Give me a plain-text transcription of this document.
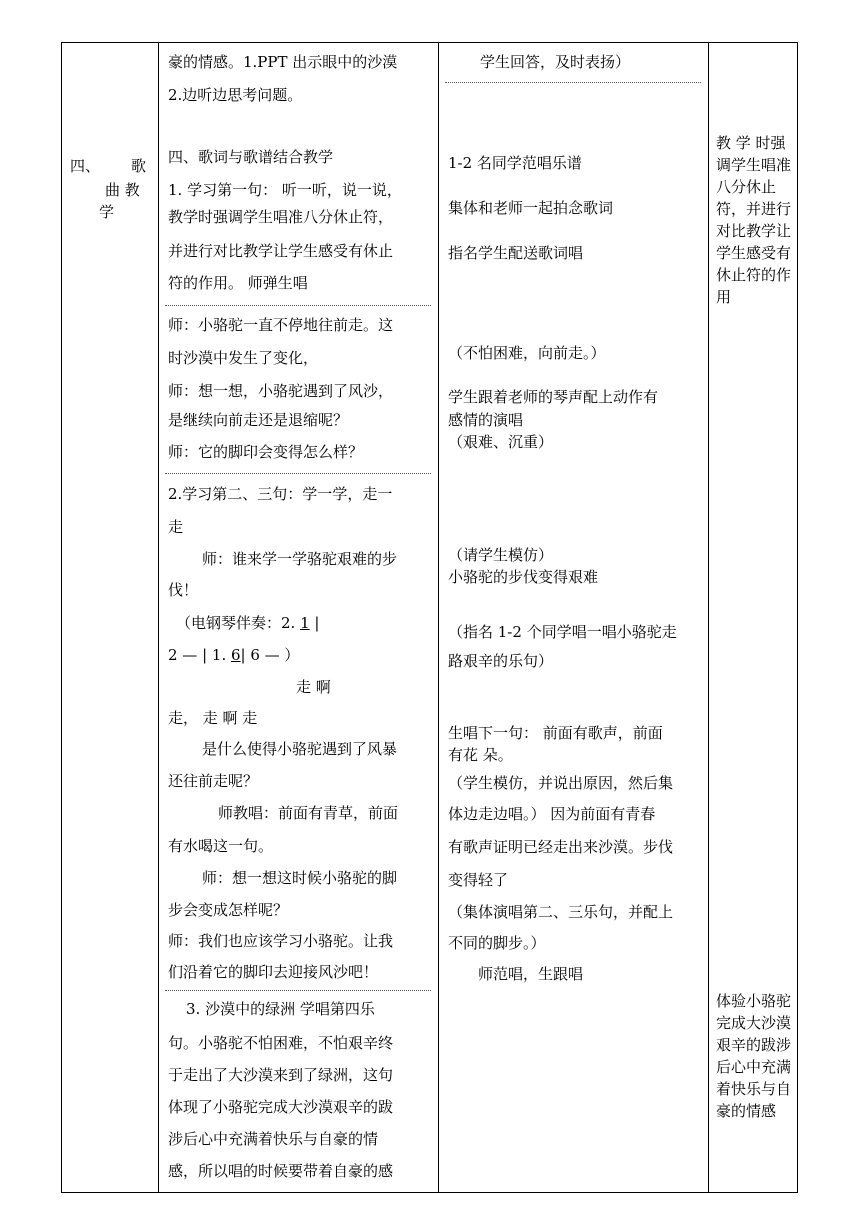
四、 歌
曲 教
学
豪的情感。1.PPT 出示眼中的沙漠
2.边听边思考问题。
四、歌词与歌谱结合教学
1. 学习第一句： 听一听，说一说，
教学时强调学生唱准八分休止符，
并进行对比教学让学生感受有休止
符的作用。 师弹生唱
师：小骆驼一直不停地往前走。这
时沙漠中发生了变化，
师：想一想，小骆驼遇到了风沙，
是继续向前走还是退缩呢？
师：它的脚印会变得怎么样？
2.学习第二、三句：学一学，走一
走
师：谁来学一学骆驼艰难的步
伐！
（电钢琴伴奏：2. 1 |
2 — | 1. 6| 6 — ）
走 啊
走， 走 啊 走
是什么使得小骆驼遇到了风暴
还往前走呢？
师教唱：前面有青草，前面
有水喝这一句。
师：想一想这时候小骆驼的脚
步会变成怎样呢？
师：我们也应该学习小骆驼。让我
们沿着它的脚印去迎接风沙吧！
3. 沙漠中的绿洲 学唱第四乐
句。小骆驼不怕困难，不怕艰辛终
于走出了大沙漠来到了绿洲，这句
体现了小骆驼完成大沙漠艰辛的跋
涉后心中充满着快乐与自豪的情
感，所以唱的时候要带着自豪的感
学生回答，及时表扬）
1-2 名同学范唱乐谱
集体和老师一起拍念歌词
指名学生配送歌词唱
（不怕困难，向前走。）
学生跟着老师的琴声配上动作有
感情的演唱
（艰难、沉重）
（请学生模仿）
小骆驼的步伐变得艰难
（指名 1-2 个同学唱一唱小骆驼走
路艰辛的乐句）
生唱下一句： 前面有歌声，前面
有花 朵。
（学生模仿，并说出原因，然后集
体边走边唱。） 因为前面有青春
有歌声证明已经走出来沙漠。步伐
变得轻了
（集体演唱第二、三乐句，并配上
不同的脚步。）
师范唱，生跟唱
教 学 时强调学生唱准八分休止符，并进行对比教学让学生感受有休止符的作用
体验小骆驼完成大沙漠艰辛的跋涉后心中充满着快乐与自豪的情感
